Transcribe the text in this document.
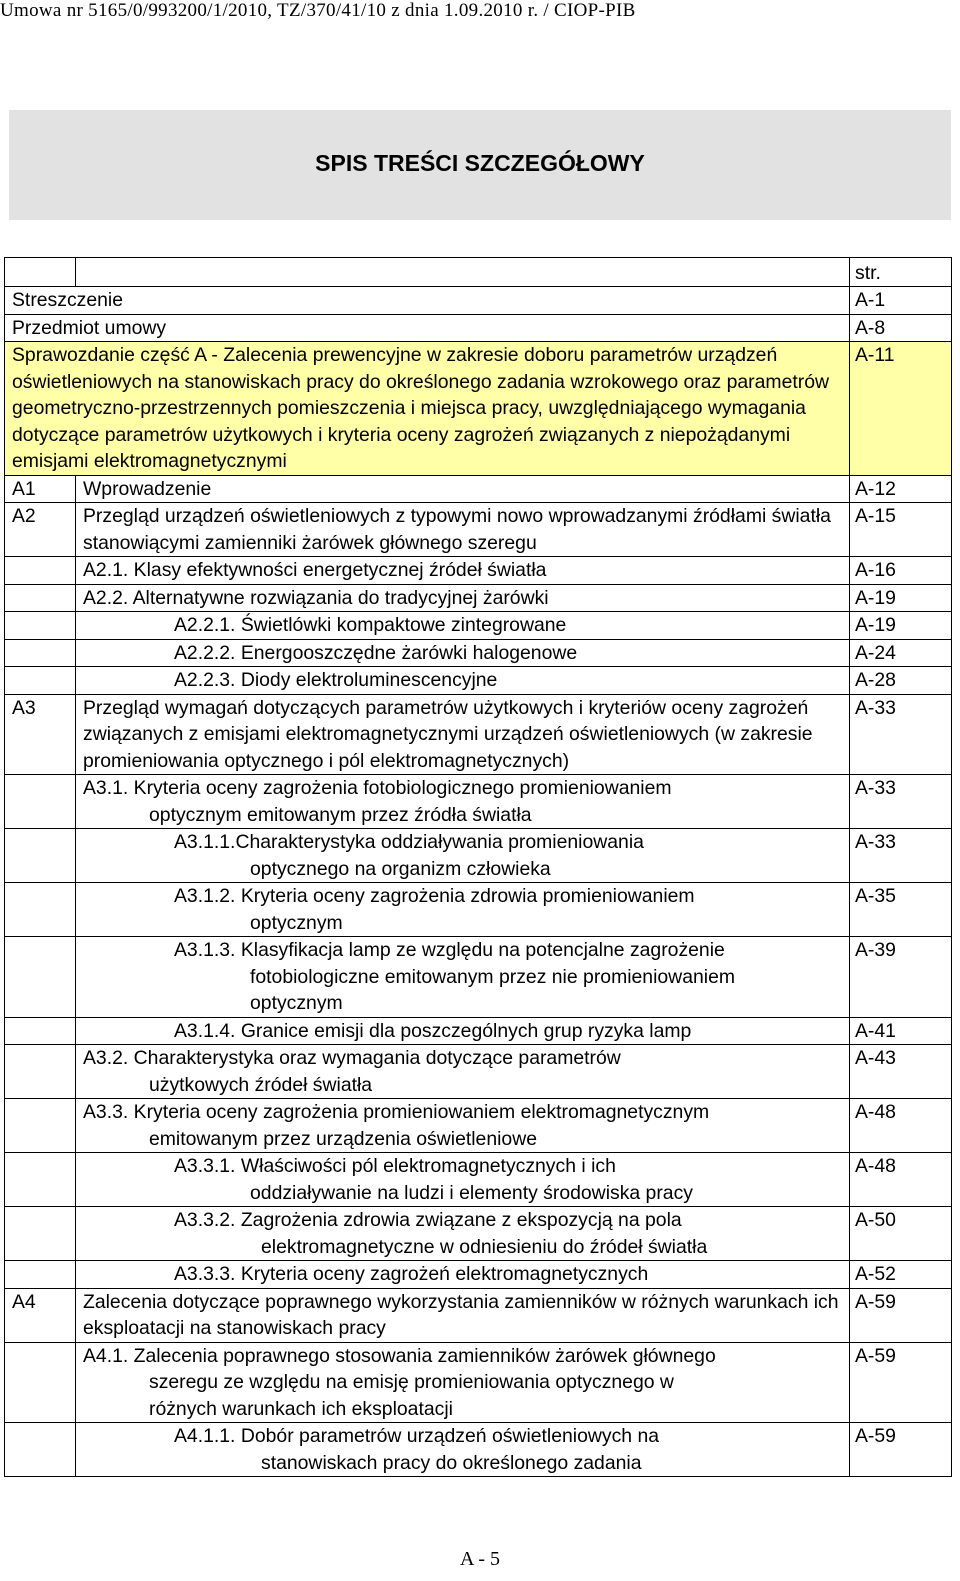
Umowa nr 5165/0/993200/1/2010, TZ/370/41/10 z dnia 1.09.2010 r. / CIOP-PIB
SPIS TREŚCI SZCZEGÓŁOWY
		str.

Streszczenie		A-1

Przedmiot umowy		A-8

Sprawozdanie część A - Zalecenia prewencyjne w zakresie doboru parametrów urządzeń oświetleniowych na stanowiskach pracy do określonego zadania wzrokowego oraz parametrów geometryczno-przestrzennych pomieszczenia i miejsca pracy, uwzględniającego wymagania dotyczące parametrów użytkowych i kryteria oceny zagrożeń związanych z niepożądanymi emisjami elektromagnetycznymi		A-11
A1	Wprowadzenie	A-12
A2	Przegląd urządzeń oświetleniowych z typowymi nowo wprowadzanymi źródłami światła stanowiącymi zamienniki żarówek głównego szeregu	A-15

	A2.1. Klasy efektywności energetycznej źródeł światła	A-16

	A2.2. Alternatywne rozwiązania do tradycyjnej żarówki	A-19

	A2.2.1. Świetlówki kompaktowe zintegrowane	A-19

	A2.2.2. Energooszczędne żarówki halogenowe	A-24

	A2.2.3. Diody elektroluminescencyjne	A-28
A3	Przegląd wymagań dotyczących parametrów użytkowych i kryteriów oceny zagrożeń związanych z emisjami elektromagnetycznymi urządzeń oświetleniowych (w zakresie promieniowania optycznego i pól elektromagnetycznych)	A-33

	A3.1. Kryteria oceny zagrożenia fotobiologicznego promieniowaniem
optycznym emitowanym przez źródła światła	A-33

	A3.1.1.Charakterystyka oddziaływania promieniowania
optycznego na organizm człowieka	A-33

	A3.1.2. Kryteria oceny zagrożenia zdrowia promieniowaniem
optycznym	A-35

	A3.1.3. Klasyfikacja lamp ze względu na potencjalne zagrożenie
fotobiologiczne emitowanym przez nie promieniowaniem
optycznym	A-39

	A3.1.4. Granice emisji dla poszczególnych grup ryzyka lamp	A-41

	A3.2. Charakterystyka oraz wymagania dotyczące parametrów
użytkowych źródeł światła	A-43

	A3.3. Kryteria oceny zagrożenia promieniowaniem elektromagnetycznym
emitowanym przez urządzenia oświetleniowe	A-48

	A3.3.1. Właściwości pól elektromagnetycznych i ich
oddziaływanie na ludzi i elementy środowiska pracy	A-48

	A3.3.2. Zagrożenia zdrowia związane z ekspozycją na pola
elektromagnetyczne w odniesieniu do źródeł światła	A-50

	A3.3.3. Kryteria oceny zagrożeń elektromagnetycznych	A-52
A4	Zalecenia dotyczące poprawnego wykorzystania zamienników w różnych warunkach ich eksploatacji na stanowiskach pracy	A-59

	A4.1. Zalecenia poprawnego stosowania zamienników żarówek głównego
szeregu ze względu na emisję promieniowania optycznego w
różnych warunkach ich eksploatacji	A-59

	A4.1.1. Dobór parametrów urządzeń oświetleniowych na
stanowiskach pracy do określonego zadania	A-59
A - 5
